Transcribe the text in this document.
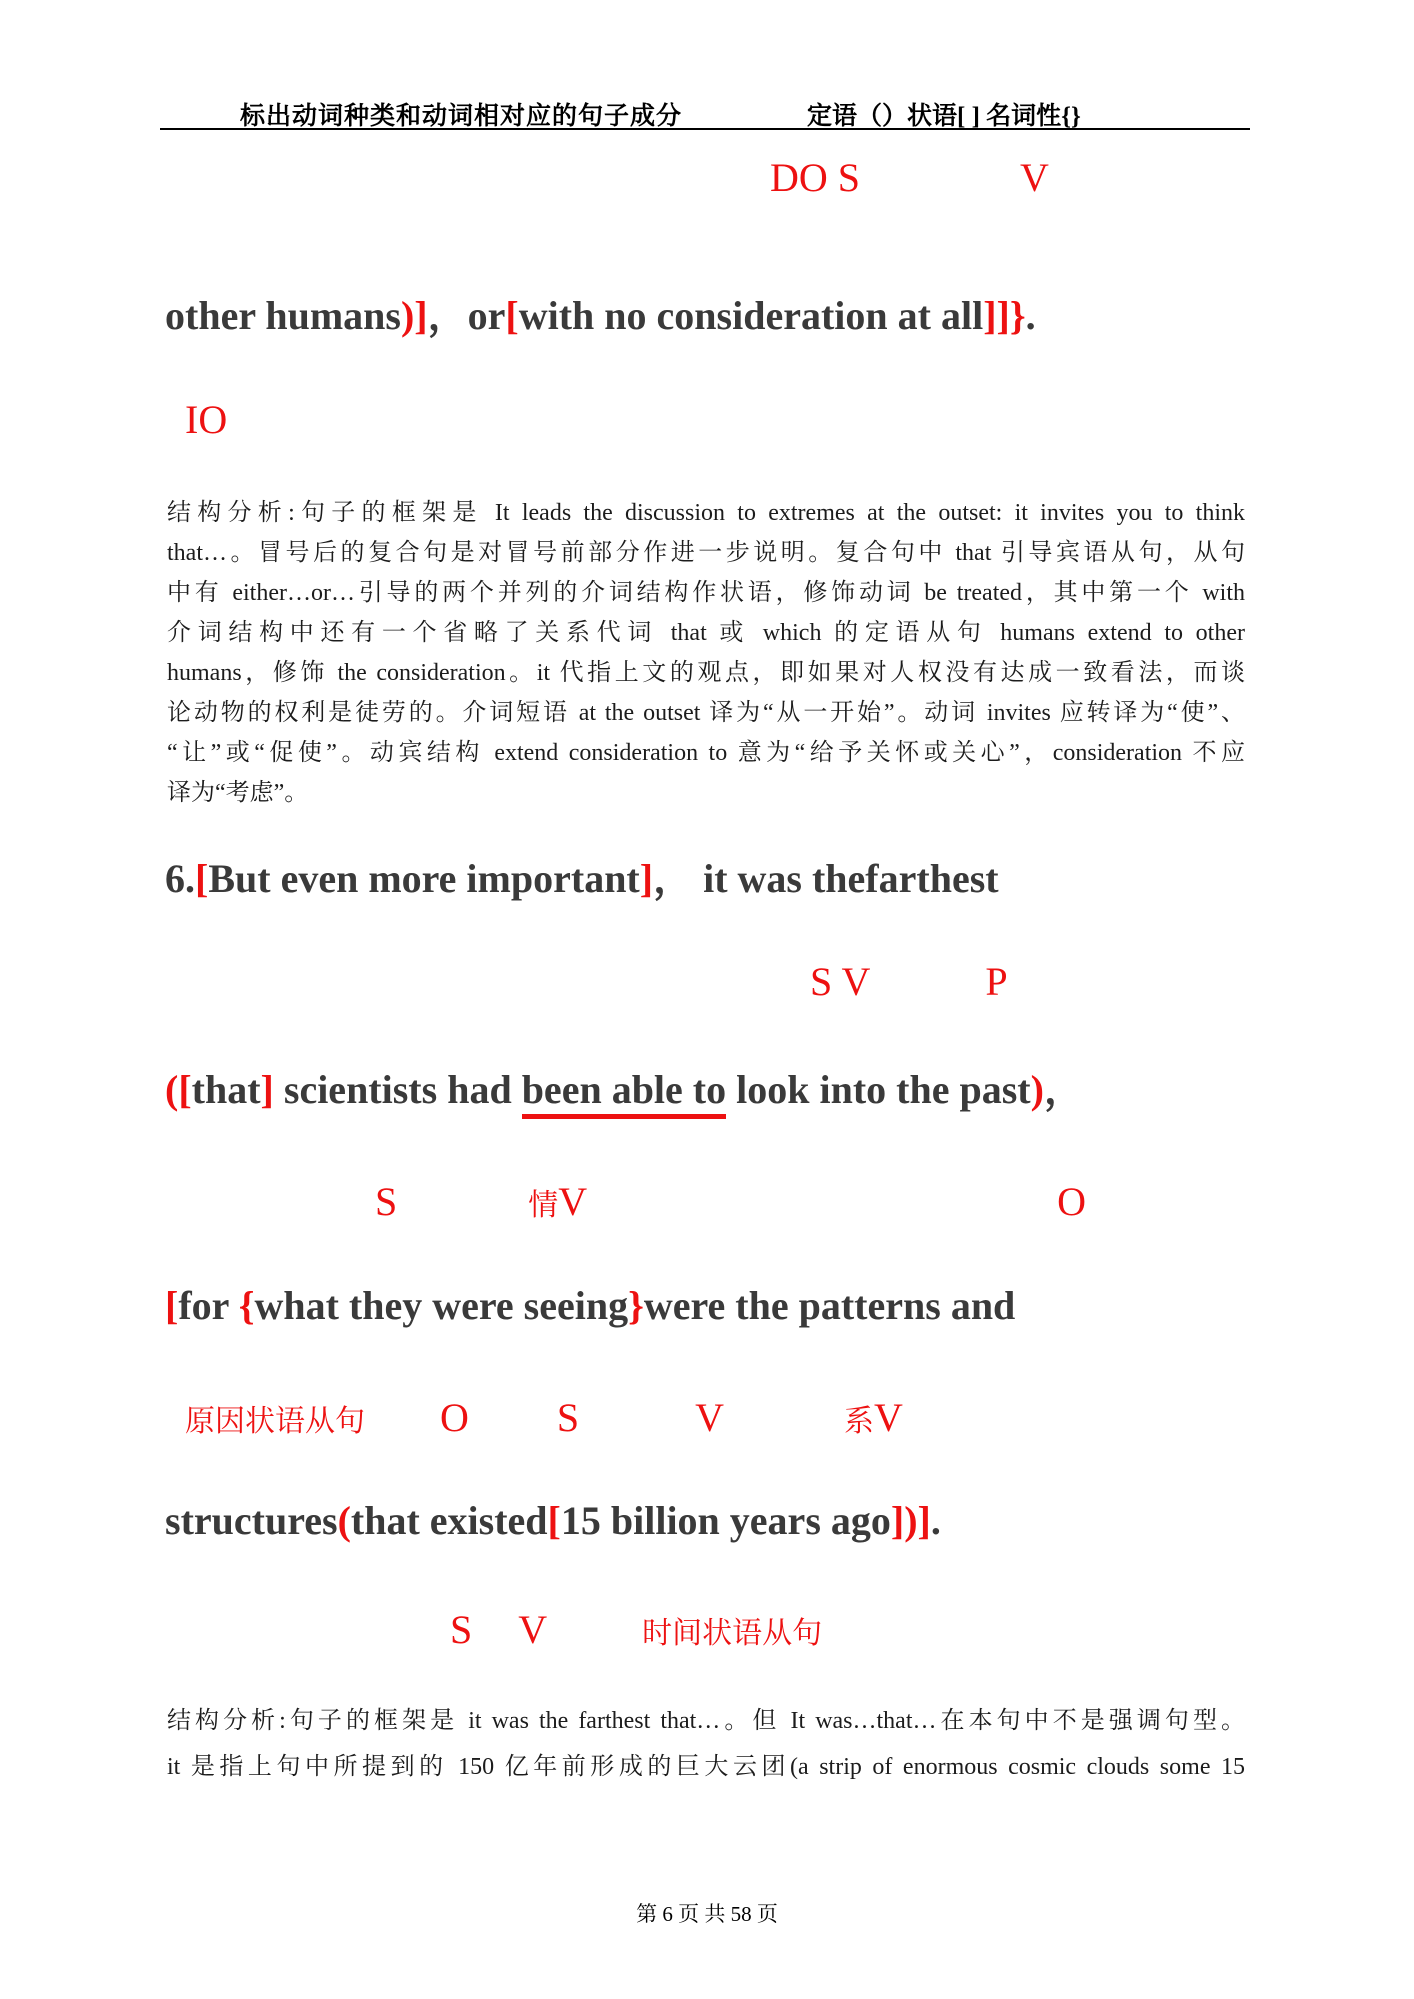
标出动词种类和动词相对应的句子成分	定语（）状语[ ] 名词性{}
DO S	V
other humans)]，or[with no consideration at all]]}.
IO
结构分析:句子的框架是 It leads the discussion to extremes at the outset: it invites you to think
that…。冒号后的复合句是对冒号前部分作进一步说明。复合句中 that 引导宾语从句，从句
中有 either…or…引导的两个并列的介词结构作状语，修饰动词 be treated，其中第一个 with
介词结构中还有一个省略了关系代词 that 或 which 的定语从句 humans extend to other
humans，修饰 the consideration。it 代指上文的观点，即如果对人权没有达成一致看法，而谈
论动物的权利是徒劳的。介词短语 at the outset 译为“从一开始”。动词 invites 应转译为“使”、
“让”或“促使”。动宾结构 extend consideration to 意为“给予关怀或关心”，consideration 不应
译为“考虑”。
6.[But even more important]， it was thefarthest
S V	P
([that] scientists had been able to look into the past)，
S	情V	O
[for {what they were seeing}were the patterns and
原因状语从句 O S	V	系V
structures(that existed[15 billion years ago])].
S V	时间状语从句
结构分析:句子的框架是 it was the farthest that…。但 It was…that…在本句中不是强调句型。
it 是指上句中所提到的 150 亿年前形成的巨大云团(a strip of enormous cosmic clouds some 15
第 6 页 共 58 页
